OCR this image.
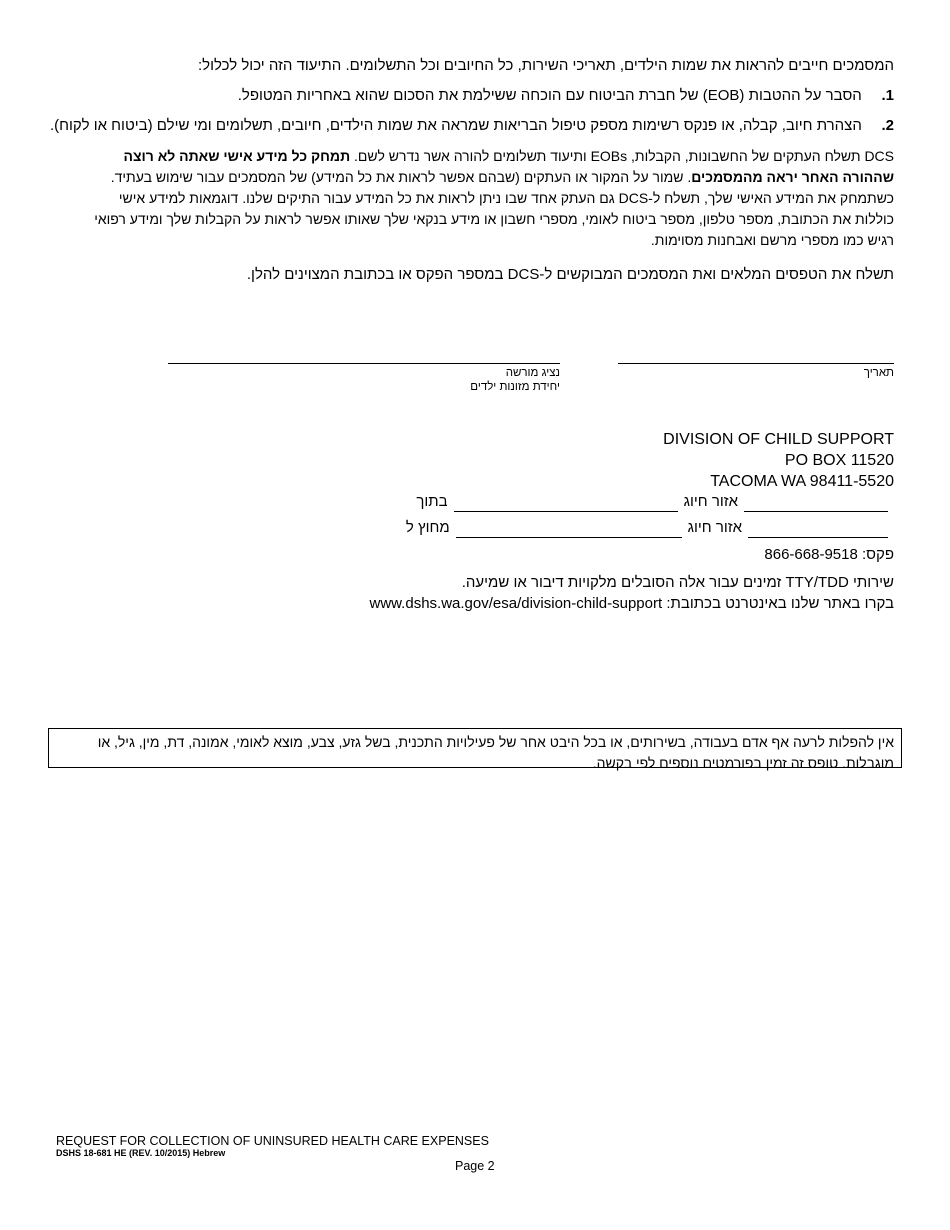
המסמכים חייבים להראות את שמות הילדים, תאריכי השירות, כל החיובים וכל התשלומים. התיעוד הזה יכול לכלול:
1. הסבר על ההטבות (EOB) של חברת הביטוח עם הוכחה ששילמת את הסכום שהוא באחריות המטופל.
2. הצהרת חיוב, קבלה, או פנקס רשימות מספק טיפול הבריאות שמראה את שמות הילדים, חיובים, תשלומים ומי שילם (ביטוח או לקוח).
DCS תשלח העתקים של החשבונות, הקבלות, EOBs ותיעוד תשלומים להורה אשר נדרש לשם. תמחק כל מידע אישי שאתה לא רוצה
שההורה האחר יראה מהמסמכים. שמור על המקור או העתקים (שבהם אפשר לראות את כל המידע) של המסמכים עבור שימוש בעתיד.
כשתמחק את המידע האישי שלך, תשלח ל-DCS גם העתק אחד שבו ניתן לראות את כל המידע עבור התיקים שלנו. דוגמאות למידע אישי
כוללות את הכתובת, מספר טלפון, מספר ביטוח לאומי, מספרי חשבון או מידע בנקאי שלך שאותו אפשר לראות על הקבלות שלך ומידע רפואי
רגיש כמו מספרי מרשם ואבחנות מסוימות.
תשלח את הטפסים המלאים ואת המסמכים המבוקשים ל-DCS במספר הפקס או בכתובת המצוינים להלן.
נציג מורשה
יחידת מזונות ילדים
תאריך
DIVISION OF CHILD SUPPORT
PO BOX 11520
TACOMA WA 98411-5520
בתוך	אזור חיוג
מחוץ ל	אזור חיוג
פקס: 866-668-9518
שירותי TTY/TDD זמינים עבור אלה הסובלים מלקויות דיבור או שמיעה.
בקרו באתר שלנו באינטרנט בכתובת: www.dshs.wa.gov/esa/division-child-support
אין להפלות לרעה אף אדם בעבודה, בשירותים, או בכל היבט אחר של פעילויות התכנית, בשל גזע, צבע, מוצא לאומי, אמונה, דת, מין, גיל, או
מוגבלות. טופס זה זמין בפורמטים נוספים לפי בקשה.
REQUEST FOR COLLECTION OF UNINSURED HEALTH CARE EXPENSES
DSHS 18-681 HE (REV. 10/2015) Hebrew
Page 2
